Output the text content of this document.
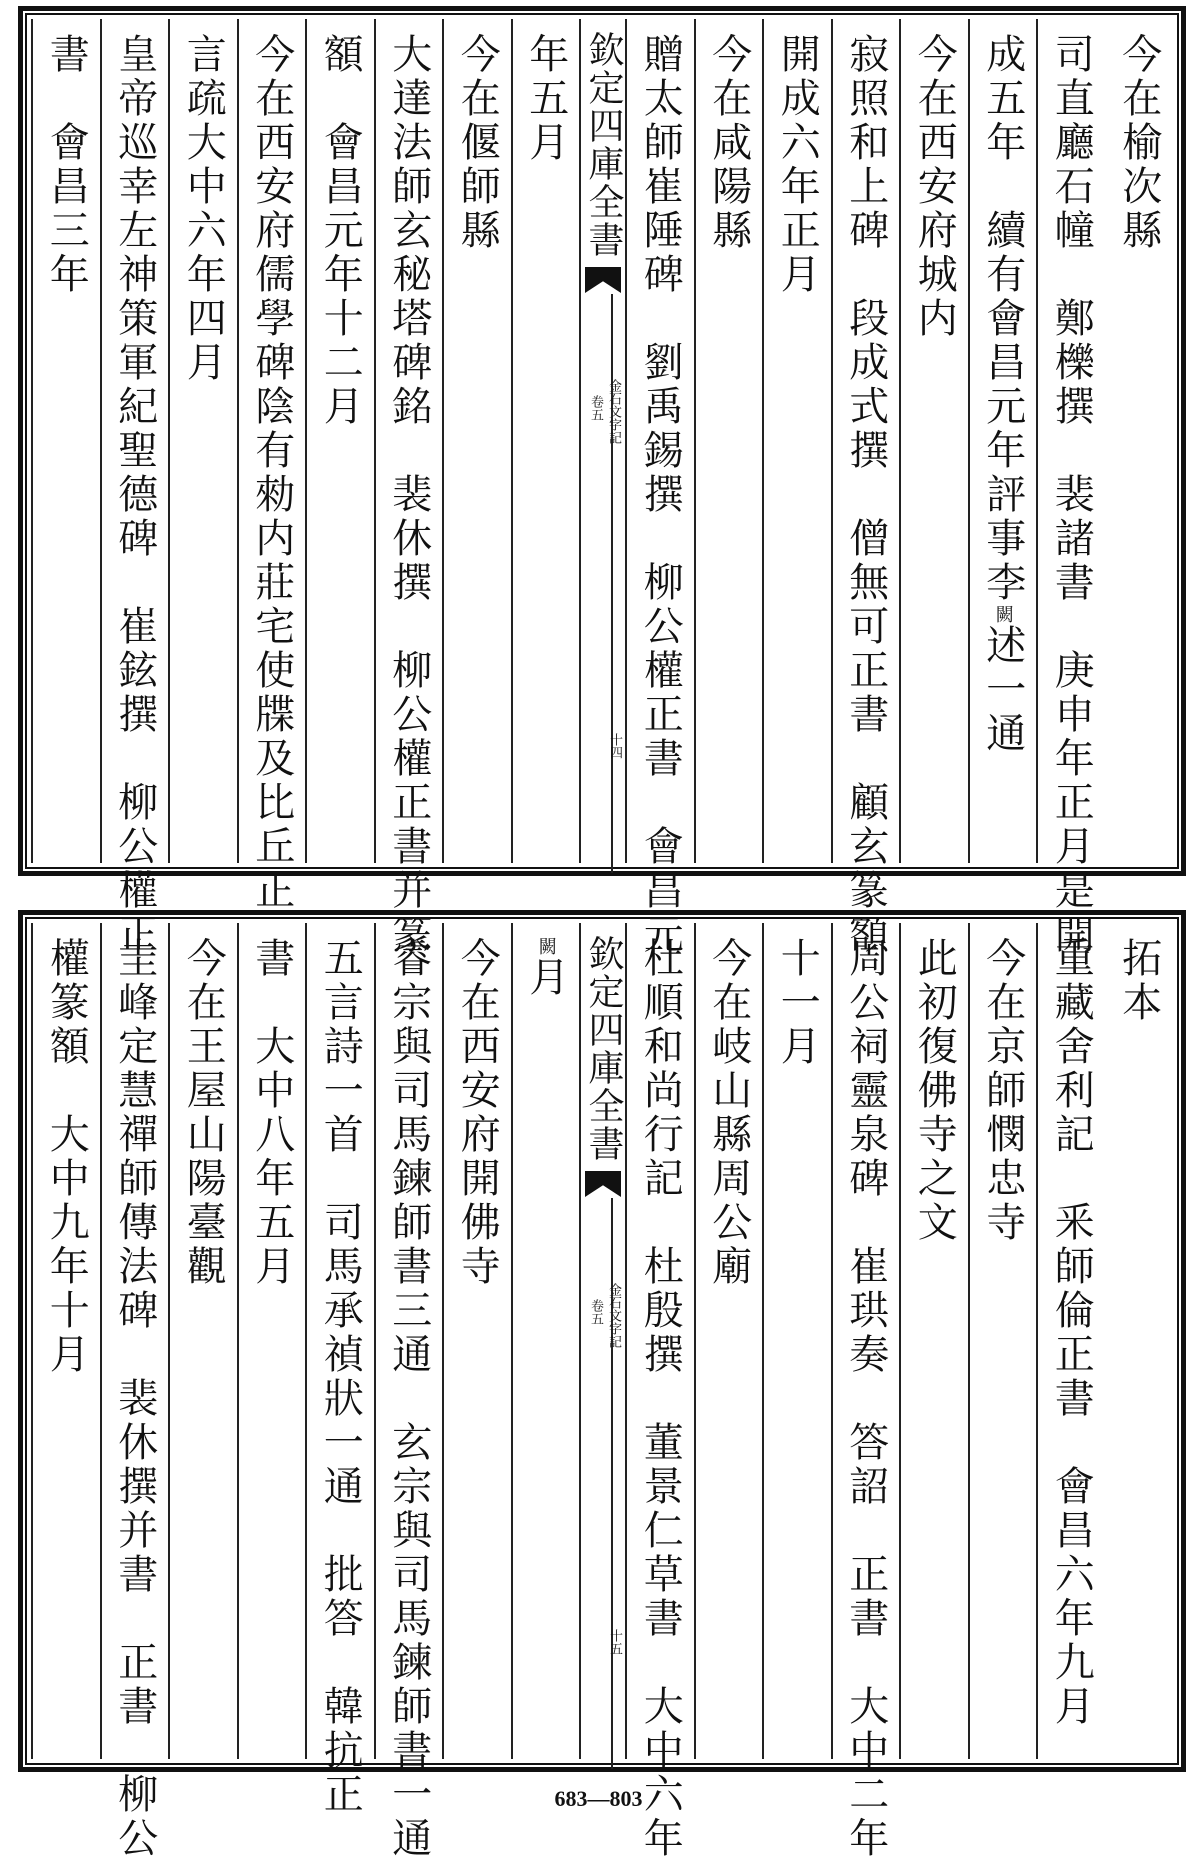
今在榆次縣
司直廳石幢　鄭櫟撰　裴諸書　庚申年正月是開
成五年　續有會昌元年評事李闕述一通
今在西安府城内
寂照和上碑　段成式撰　僧無可正書　顧玄篆額
開成六年正月
今在咸陽縣
贈太師崔陲碑　劉禹錫撰　柳公權正書　會昌元
欽定四庫全書
金石文字記
卷五
十四
年五月
今在偃師縣
大達法師玄秘塔碑銘　裴休撰　柳公權正書并篆
額　會昌元年十二月
今在西安府儒學碑陰有勑内莊宅使牒及比丘正
言疏大中六年四月
皇帝巡幸左神策軍紀聖德碑　崔鉉撰　柳公權正
書　會昌三年
拓本
重藏舍利記　釆師倫正書　會昌六年九月
今在京師憫忠寺
此初復佛寺之文
周公祠靈泉碑　崔珙奏　答詔　正書　大中二年
十一月
今在岐山縣周公廟
杜順和尚行記　杜殷撰　董景仁草書　大中六年
欽定四庫全書
金石文字記
卷五
十五
闕月
今在西安府開佛寺
睿宗與司馬鍊師書三通　玄宗與司馬鍊師書一通
五言詩一首　司馬承禎狀一通　批答　韓抗正
書　大中八年五月
今在王屋山陽臺觀
圭峰定慧禪師傳法碑　裴休撰并書　正書　柳公
權篆額　大中九年十月
683—803
